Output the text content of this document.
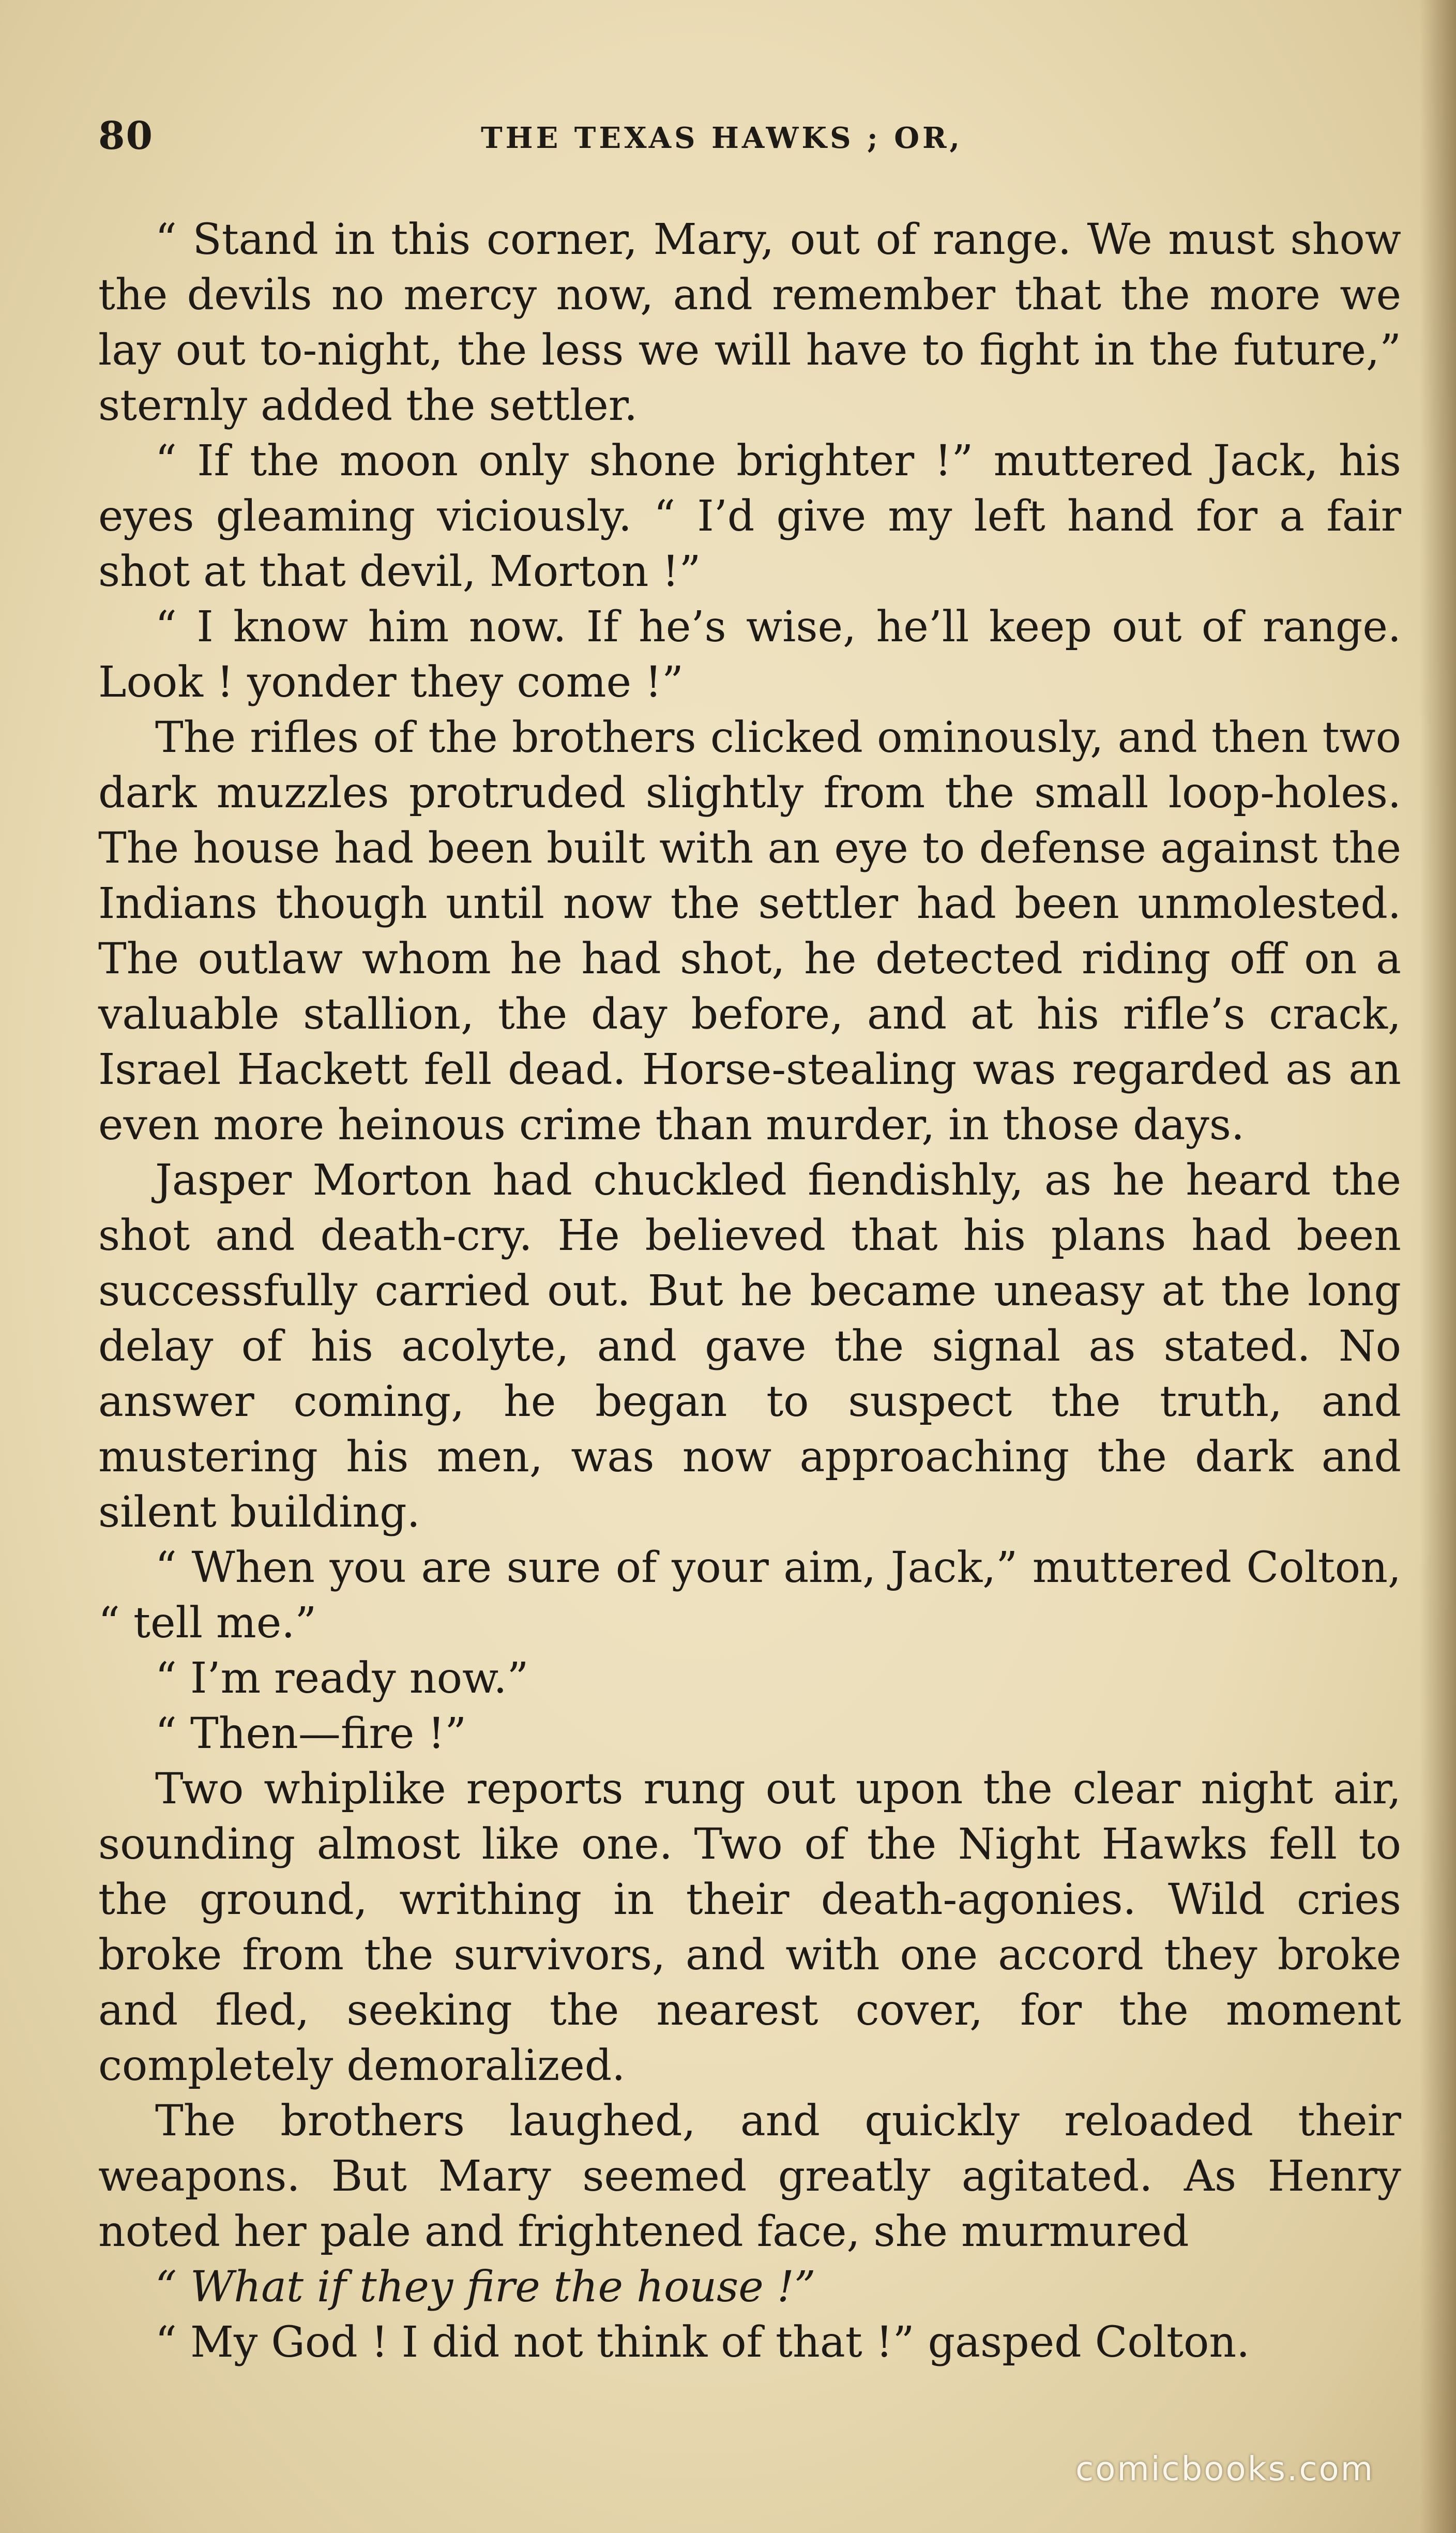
80	THE TEXAS HAWKS ; OR,

“ Stand in this corner, Mary, out of range. We must show the devils no mercy now, and remember that the more we lay out to-night, the less we will have to fight in the future,” sternly added the settler.

“ If the moon only shone brighter !” muttered Jack, his eyes gleaming viciously. “ I’d give my left hand for a fair shot at that devil, Morton !”

“ I know him now. If he’s wise, he’ll keep out of range. Look ! yonder they come !”

The rifles of the brothers clicked ominously, and then two dark muzzles protruded slightly from the small loop-holes. The house had been built with an eye to defense against the Indians though until now the settler had been unmolested. The outlaw whom he had shot, he detected riding off on a valuable stallion, the day before, and at his rifle’s crack, Israel Hackett fell dead. Horse-stealing was regarded as an even more heinous crime than murder, in those days.

Jasper Morton had chuckled fiendishly, as he heard the shot and death-cry. He believed that his plans had been successfully carried out. But he became uneasy at the long delay of his acolyte, and gave the signal as stated. No answer coming, he began to suspect the truth, and mustering his men, was now approaching the dark and silent building.

“ When you are sure of your aim, Jack,” muttered Colton, “ tell me.”

“ I’m ready now.”

“ Then—fire !”

Two whiplike reports rung out upon the clear night air, sounding almost like one. Two of the Night Hawks fell to the ground, writhing in their death-agonies. Wild cries broke from the survivors, and with one accord they broke and fled, seeking the nearest cover, for the moment completely demoralized.

The brothers laughed, and quickly reloaded their weapons. But Mary seemed greatly agitated. As Henry noted her pale and frightened face, she murmured

“ What if they fire the house !”

“ My God ! I did not think of that !” gasped Colton.

comicbooks.com
